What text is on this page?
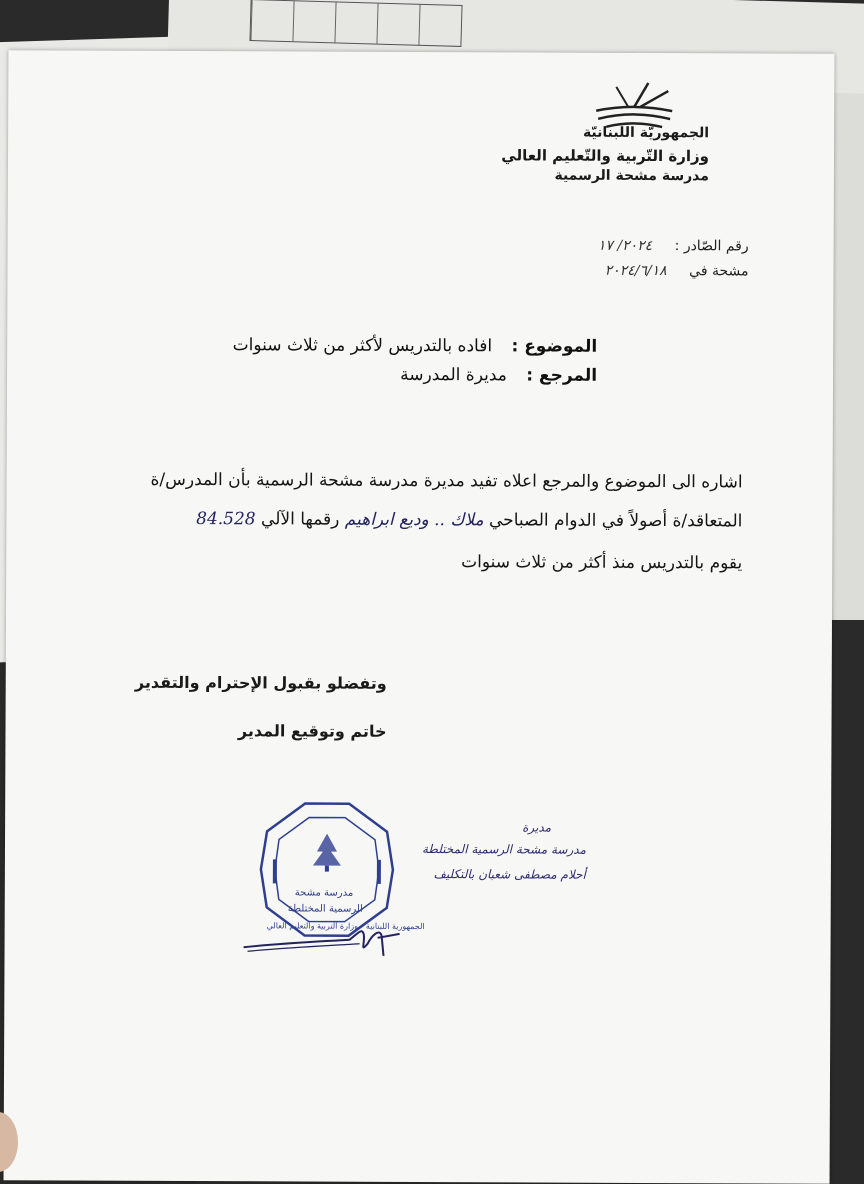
الجمهوريّة اللبنانيّة
وزارة التّربية والتّعليم العالي
مدرسة مشحة الرسمية
رقم الصّادر : ٢٠٢٤/ ١٧
مشحة في ٢٠٢٤/٦/١٨
الموضوع : افاده بالتدريس لأكثر من ثلاث سنوات
المرجع : مديرة المدرسة
اشاره الى الموضوع والمرجع اعلاه تفيد مديرة مدرسة مشحة الرسمية بأن المدرس/ة
المتعاقد/ة أصولاً في الدوام الصباحي ملاك .. وديع ابراهيم رقمها الآلي 84.528
يقوم بالتدريس منذ أكثر من ثلاث سنوات
وتفضلو بقبول الإحترام والتقدير
خاتم وتوقيع المدير
مدرسة مشحة
الرسمية المختلطة
الجمهورية اللبنانية - وزارة التربية والتعليم العالي
مديرة
مدرسة مشحة الرسمية المختلطة
أحلام مصطفى شعبان بالتكليف
